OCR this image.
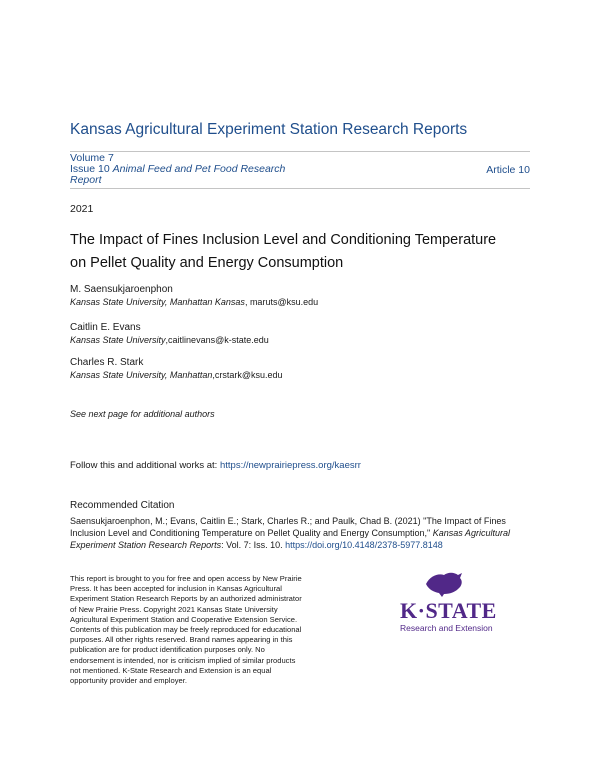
Kansas Agricultural Experiment Station Research Reports
Volume 7
Issue 10 Animal Feed and Pet Food Research Report
Article 10
2021
The Impact of Fines Inclusion Level and Conditioning Temperature on Pellet Quality and Energy Consumption
M. Saensukjaroenphon
Kansas State University, Manhattan Kansas, maruts@ksu.edu
Caitlin E. Evans
Kansas State University,caitlinevans@k-state.edu
Charles R. Stark
Kansas State University, Manhattan,crstark@ksu.edu
See next page for additional authors
Follow this and additional works at: https://newprairiepress.org/kaesrr
Recommended Citation
Saensukjaroenphon, M.; Evans, Caitlin E.; Stark, Charles R.; and Paulk, Chad B. (2021) "The Impact of Fines Inclusion Level and Conditioning Temperature on Pellet Quality and Energy Consumption," Kansas Agricultural Experiment Station Research Reports: Vol. 7: Iss. 10. https://doi.org/10.4148/2378-5977.8148
This report is brought to you for free and open access by New Prairie Press. It has been accepted for inclusion in Kansas Agricultural Experiment Station Research Reports by an authorized administrator of New Prairie Press. Copyright 2021 Kansas State University Agricultural Experiment Station and Cooperative Extension Service. Contents of this publication may be freely reproduced for educational purposes. All other rights reserved. Brand names appearing in this publication are for product identification purposes only. No endorsement is intended, nor is criticism implied of similar products not mentioned. K-State Research and Extension is an equal opportunity provider and employer.
K·STATE
Research and Extension
